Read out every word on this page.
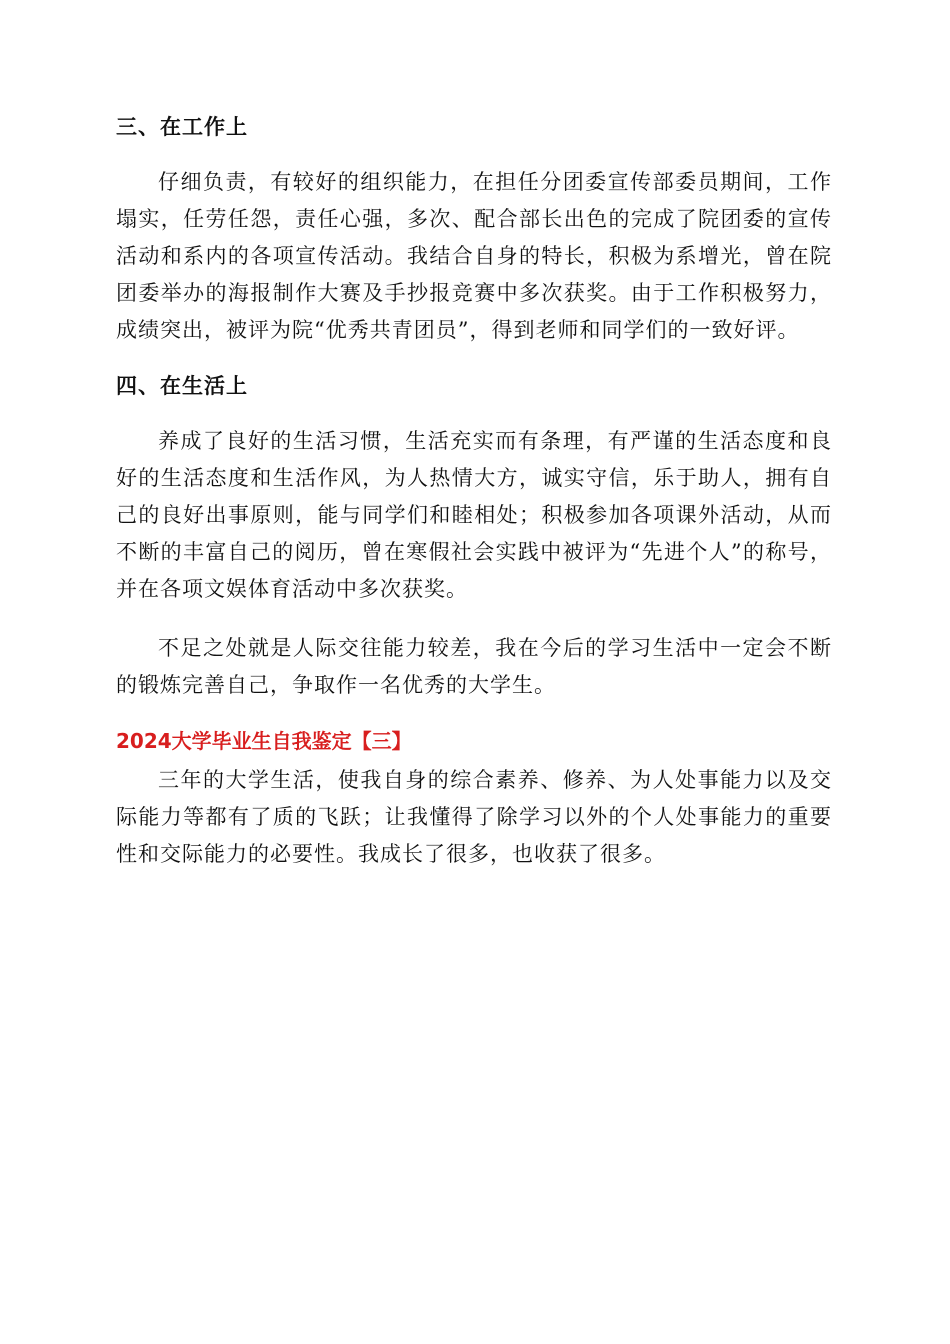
三、在工作上
仔细负责，有较好的组织能力，在担任分团委宣传部委员期间，工作塌实，任劳任怨，责任心强，多次、配合部长出色的完成了院团委的宣传活动和系内的各项宣传活动。我结合自身的特长，积极为系增光，曾在院团委举办的海报制作大赛及手抄报竞赛中多次获奖。由于工作积极努力，成绩突出，被评为院“优秀共青团员”，得到老师和同学们的一致好评。
四、在生活上
养成了良好的生活习惯，生活充实而有条理，有严谨的生活态度和良好的生活态度和生活作风，为人热情大方，诚实守信，乐于助人，拥有自己的良好出事原则，能与同学们和睦相处；积极参加各项课外活动，从而不断的丰富自己的阅历，曾在寒假社会实践中被评为“先进个人”的称号，并在各项文娱体育活动中多次获奖。
不足之处就是人际交往能力较差，我在今后的学习生活中一定会不断的锻炼完善自己，争取作一名优秀的大学生。
2024大学毕业生自我鉴定【三】
三年的大学生活，使我自身的综合素养、修养、为人处事能力以及交际能力等都有了质的飞跃；让我懂得了除学习以外的个人处事能力的重要性和交际能力的必要性。我成长了很多，也收获了很多。
